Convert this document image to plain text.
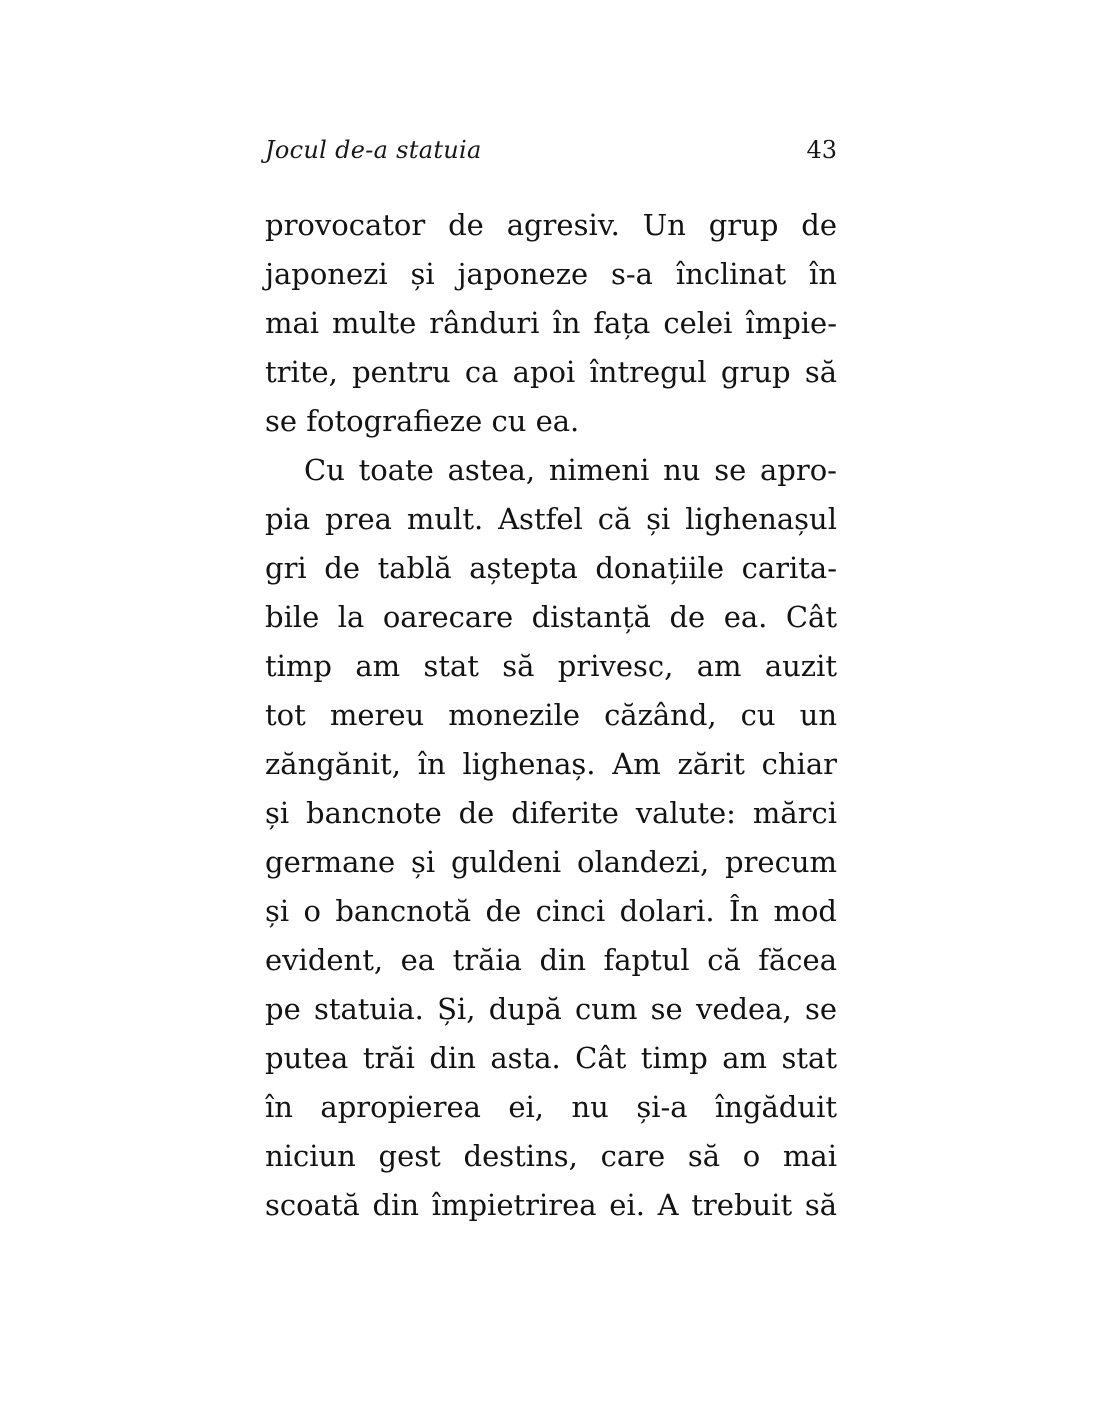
Jocul de-a statuia	43
provocator de agresiv. Un grup de
japonezi și japoneze s-a înclinat în
mai multe rânduri în fața celei împie-
trite, pentru ca apoi întregul grup să
se fotografieze cu ea.
Cu toate astea, nimeni nu se apro-
pia prea mult. Astfel că și lighenașul
gri de tablă aștepta donațiile carita-
bile la oarecare distanță de ea. Cât
timp am stat să privesc, am auzit
tot mereu monezile căzând, cu un
zăngănit, în lighenaș. Am zărit chiar
și bancnote de diferite valute: mărci
germane și guldeni olandezi, precum
și o bancnotă de cinci dolari. În mod
evident, ea trăia din faptul că făcea
pe statuia. Și, după cum se vedea, se
putea trăi din asta. Cât timp am stat
în apropierea ei, nu și-a îngăduit
niciun gest destins, care să o mai
scoată din împietrirea ei. A trebuit să
